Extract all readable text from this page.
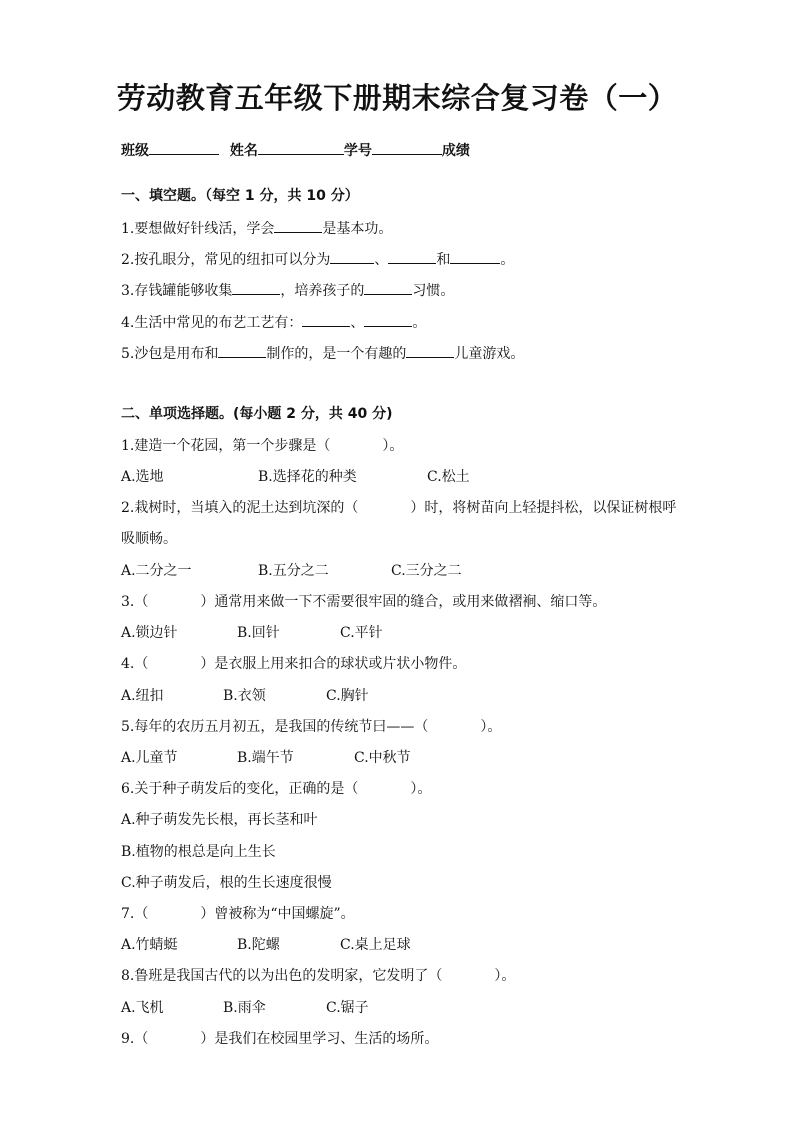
劳动教育五年级下册期末综合复习卷（一）
班级	姓名	学号	成绩
一、填空题。（每空 1 分，共 10 分）
1.要想做好针线活，学会	是基本功。
2.按孔眼分，常见的纽扣可以分为	、	和	。
3.存钱罐能够收集	，培养孩子的	习惯。
4.生活中常见的布艺工艺有：	、	。
5.沙包是用布和	制作的，是一个有趣的	儿童游戏。
二、单项选择题。(每小题 2 分，共 40 分)
1.建造一个花园，第一个步骤是（	）。
A.选地	B.选择花的种类	C.松土
2.栽树时，当填入的泥土达到坑深的（	）时，将树苗向上轻提抖松，以保证树根呼
吸顺畅。
A.二分之一	B.五分之二	C.三分之二
3.（	）通常用来做一下不需要很牢固的缝合，或用来做褶裥、缩口等。
A.锁边针	B.回针	C.平针
4.（	）是衣服上用来扣合的球状或片状小物件。
A.纽扣	B.衣领	C.胸针
5.每年的农历五月初五，是我国的传统节曰——（	）。
A.儿童节	B.端午节	C.中秋节
6.关于种子萌发后的变化，正确的是（	）。
A.种子萌发先长根，再长茎和叶
B.植物的根总是向上生长
C.种子萌发后，根的生长速度很慢
7.（	）曾被称为“中国螺旋”。
A.竹蜻蜓	B.陀螺	C.桌上足球
8.鲁班是我国古代的以为出色的发明家，它发明了（	）。
A.飞机	B.雨伞	C.锯子
9.（	）是我们在校园里学习、生活的场所。
